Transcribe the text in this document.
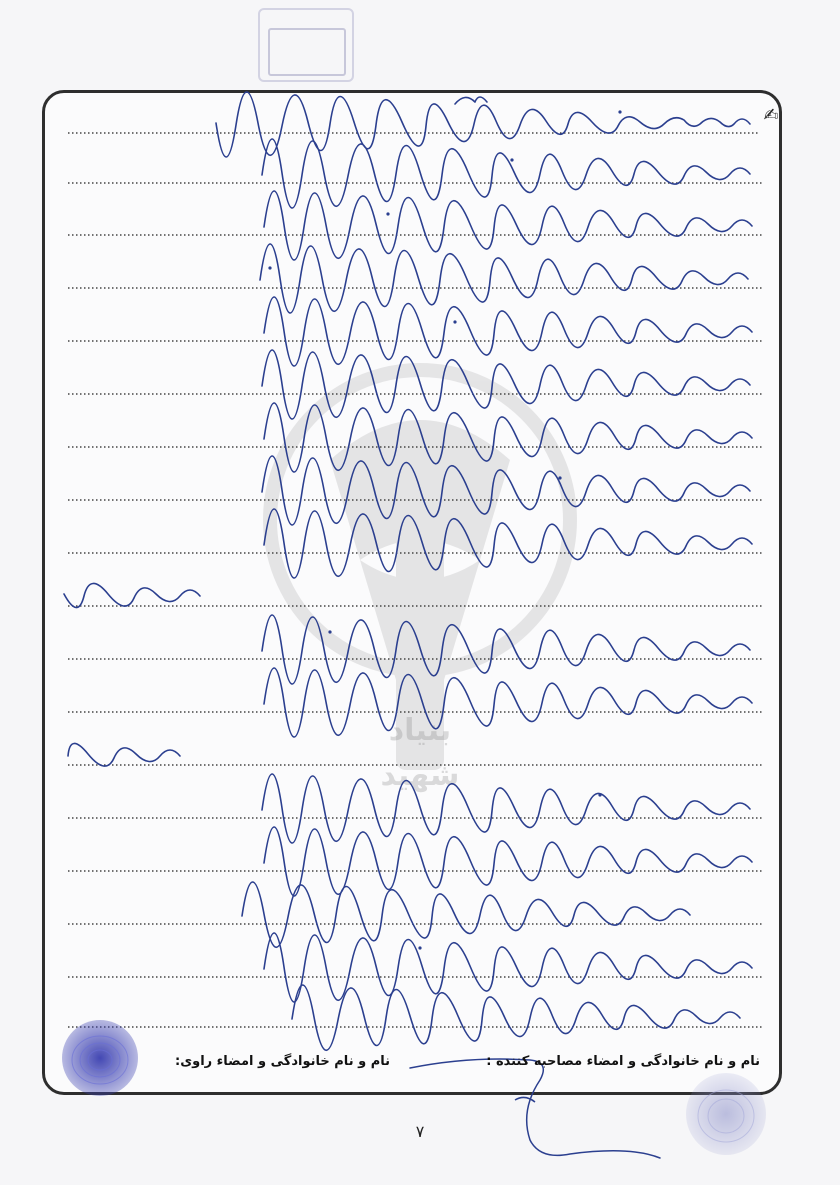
بنیاد
شهید
✍
نام و نام خانوادگی و امضاء مصاحبه کننده :
نام و نام خانوادگی و امضاء راوی:
۷
